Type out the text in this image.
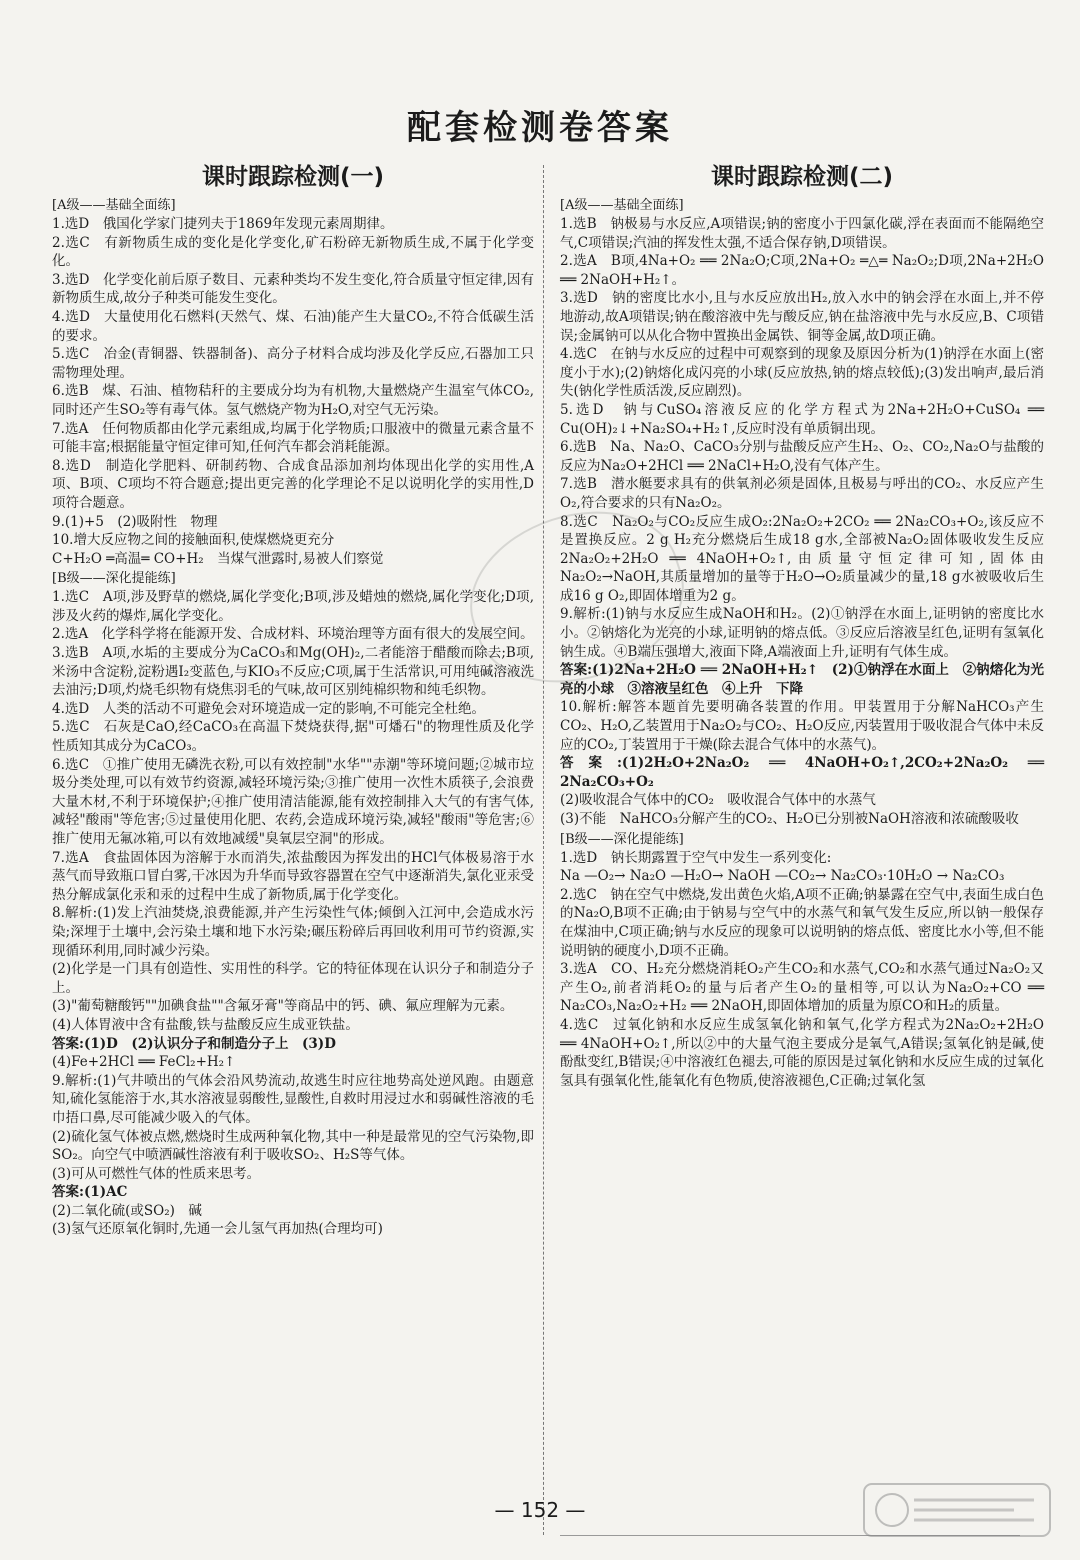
配套检测卷答案
课时跟踪检测(一)
[A级——基础全面练]

1.选D　俄国化学家门捷列夫于1869年发现元素周期律。

2.选C　有新物质生成的变化是化学变化,矿石粉碎无新物质生成,不属于化学变化。

3.选D　化学变化前后原子数目、元素种类均不发生变化,符合质量守恒定律,因有新物质生成,故分子种类可能发生变化。

4.选D　大量使用化石燃料(天然气、煤、石油)能产生大量CO₂,不符合低碳生活的要求。

5.选C　冶金(青铜器、铁器制备)、高分子材料合成均涉及化学反应,石器加工只需物理处理。

6.选B　煤、石油、植物秸秆的主要成分均为有机物,大量燃烧产生温室气体CO₂,同时还产生SO₂等有毒气体。氢气燃烧产物为H₂O,对空气无污染。

7.选A　任何物质都由化学元素组成,均属于化学物质;口服液中的微量元素含量不可能丰富;根据能量守恒定律可知,任何汽车都会消耗能源。

8.选D　制造化学肥料、研制药物、合成食品添加剂均体现出化学的实用性,A项、B项、C项均不符合题意;提出更完善的化学理论不足以说明化学的实用性,D项符合题意。

9.(1)+5　(2)吸附性　物理

10.增大反应物之间的接触面积,使煤燃烧更充分

C+H₂O ═高温═ CO+H₂　当煤气泄露时,易被人们察觉

[B级——深化提能练]

1.选C　A项,涉及野草的燃烧,属化学变化;B项,涉及蜡烛的燃烧,属化学变化;D项,涉及火药的爆炸,属化学变化。

2.选A　化学科学将在能源开发、合成材料、环境治理等方面有很大的发展空间。

3.选B　A项,水垢的主要成分为CaCO₃和Mg(OH)₂,二者能溶于醋酸而除去;B项,米汤中含淀粉,淀粉遇I₂变蓝色,与KIO₃不反应;C项,属于生活常识,可用纯碱溶液洗去油污;D项,灼烧毛织物有烧焦羽毛的气味,故可区别纯棉织物和纯毛织物。

4.选D　人类的活动不可避免会对环境造成一定的影响,不可能完全杜绝。

5.选C　石灰是CaO,经CaCO₃在高温下焚烧获得,据"可燔石"的物理性质及化学性质知其成分为CaCO₃。

6.选C　①推广使用无磷洗衣粉,可以有效控制"水华""赤潮"等环境问题;②城市垃圾分类处理,可以有效节约资源,减轻环境污染;③推广使用一次性木质筷子,会浪费大量木材,不利于环境保护;④推广使用清洁能源,能有效控制排入大气的有害气体,减轻"酸雨"等危害;⑤过量使用化肥、农药,会造成环境污染,减轻"酸雨"等危害;⑥推广使用无氟冰箱,可以有效地减缓"臭氧层空洞"的形成。

7.选A　食盐固体因为溶解于水而消失,浓盐酸因为挥发出的HCl气体极易溶于水蒸气而导致瓶口冒白雾,干冰因为升华而导致容器置在空气中逐渐消失,氯化亚汞受热分解成氯化汞和汞的过程中生成了新物质,属于化学变化。

8.解析:(1)发上汽油焚烧,浪费能源,并产生污染性气体;倾倒入江河中,会造成水污染;深埋于土壤中,会污染土壤和地下水污染;碾压粉碎后再回收利用可节约资源,实现循环利用,同时减少污染。

(2)化学是一门具有创造性、实用性的科学。它的特征体现在认识分子和制造分子上。

(3)"葡萄糖酸钙""加碘食盐""含氟牙膏"等商品中的钙、碘、氟应理解为元素。

(4)人体胃液中含有盐酸,铁与盐酸反应生成亚铁盐。

答案:(1)D　(2)认识分子和制造分子上　(3)D

(4)Fe+2HCl ══ FeCl₂+H₂↑

9.解析:(1)气井喷出的气体会沿风势流动,故逃生时应往地势高处逆风跑。由题意知,硫化氢能溶于水,其水溶液显弱酸性,显酸性,自救时用浸过水和弱碱性溶液的毛巾捂口鼻,尽可能减少吸入的气体。

(2)硫化氢气体被点燃,燃烧时生成两种氧化物,其中一种是最常见的空气污染物,即SO₂。向空气中喷洒碱性溶液有利于吸收SO₂、H₂S等气体。

(3)可从可燃性气体的性质来思考。

答案:(1)AC

(2)二氧化硫(或SO₂)　碱

(3)氢气还原氧化铜时,先通一会儿氢气再加热(合理均可)

课时跟踪检测(二)
[A级——基础全面练]

1.选B　钠极易与水反应,A项错误;钠的密度小于四氯化碳,浮在表面而不能隔绝空气,C项错误;汽油的挥发性太强,不适合保存钠,D项错误。

2.选A　B项,4Na+O₂ ══ 2Na₂O;C项,2Na+O₂ ═△═ Na₂O₂;D项,2Na+2H₂O ══ 2NaOH+H₂↑。

3.选D　钠的密度比水小,且与水反应放出H₂,放入水中的钠会浮在水面上,并不停地游动,故A项错误;钠在酸溶液中先与酸反应,钠在盐溶液中先与水反应,B、C项错误;金属钠可以从化合物中置换出金属铁、铜等金属,故D项正确。

4.选C　在钠与水反应的过程中可观察到的现象及原因分析为(1)钠浮在水面上(密度小于水);(2)钠熔化成闪亮的小球(反应放热,钠的熔点较低);(3)发出响声,最后消失(钠化学性质活泼,反应剧烈)。

5.选D　钠与CuSO₄溶液反应的化学方程式为2Na+2H₂O+CuSO₄ ══ Cu(OH)₂↓+Na₂SO₄+H₂↑,反应时没有单质铜出现。

6.选B　Na、Na₂O、CaCO₃分别与盐酸反应产生H₂、O₂、CO₂,Na₂O与盐酸的反应为Na₂O+2HCl ══ 2NaCl+H₂O,没有气体产生。

7.选B　潜水艇要求具有的供氧剂必须是固体,且极易与呼出的CO₂、水反应产生O₂,符合要求的只有Na₂O₂。

8.选C　Na₂O₂与CO₂反应生成O₂:2Na₂O₂+2CO₂ ══ 2Na₂CO₃+O₂,该反应不是置换反应。2 g H₂充分燃烧后生成18 g水,全部被Na₂O₂固体吸收发生反应2Na₂O₂+2H₂O ══ 4NaOH+O₂↑,由质量守恒定律可知,固体由Na₂O₂→NaOH,其质量增加的量等于H₂O→O₂质量减少的量,18 g水被吸收后生成16 g O₂,即固体增重为2 g。

9.解析:(1)钠与水反应生成NaOH和H₂。(2)①钠浮在水面上,证明钠的密度比水小。②钠熔化为光亮的小球,证明钠的熔点低。③反应后溶液呈红色,证明有氢氧化钠生成。④B端压强增大,液面下降,A端液面上升,证明有气体生成。

答案:(1)2Na+2H₂O ══ 2NaOH+H₂↑　(2)①钠浮在水面上　②钠熔化为光亮的小球　③溶液呈红色　④上升　下降

10.解析:解答本题首先要明确各装置的作用。甲装置用于分解NaHCO₃产生CO₂、H₂O,乙装置用于Na₂O₂与CO₂、H₂O反应,丙装置用于吸收混合气体中未反应的CO₂,丁装置用于干燥(除去混合气体中的水蒸气)。

答案:(1)2H₂O+2Na₂O₂ ══ 4NaOH+O₂↑,2CO₂+2Na₂O₂ ══ 2Na₂CO₃+O₂

(2)吸收混合气体中的CO₂　吸收混合气体中的水蒸气

(3)不能　NaHCO₃分解产生的CO₂、H₂O已分别被NaOH溶液和浓硫酸吸收

[B级——深化提能练]

1.选D　钠长期露置于空气中发生一系列变化:

Na —O₂→ Na₂O —H₂O→ NaOH —CO₂→ Na₂CO₃·10H₂O → Na₂CO₃

2.选C　钠在空气中燃烧,发出黄色火焰,A项不正确;钠暴露在空气中,表面生成白色的Na₂O,B项不正确;由于钠易与空气中的水蒸气和氧气发生反应,所以钠一般保存在煤油中,C项正确;钠与水反应的现象可以说明钠的熔点低、密度比水小等,但不能说明钠的硬度小,D项不正确。

3.选A　CO、H₂充分燃烧消耗O₂产生CO₂和水蒸气,CO₂和水蒸气通过Na₂O₂又产生O₂,前者消耗O₂的量与后者产生O₂的量相等,可以认为Na₂O₂+CO ══ Na₂CO₃,Na₂O₂+H₂ ══ 2NaOH,即固体增加的质量为原CO和H₂的质量。

4.选C　过氧化钠和水反应生成氢氧化钠和氧气,化学方程式为2Na₂O₂+2H₂O ══ 4NaOH+O₂↑,所以②中的大量气泡主要成分是氧气,A错误;氢氧化钠是碱,使酚酞变红,B错误;④中溶液红色褪去,可能的原因是过氧化钠和水反应生成的过氧化氢具有强氧化性,能氧化有色物质,使溶液褪色,C正确;过氧化氢

— 152 —
